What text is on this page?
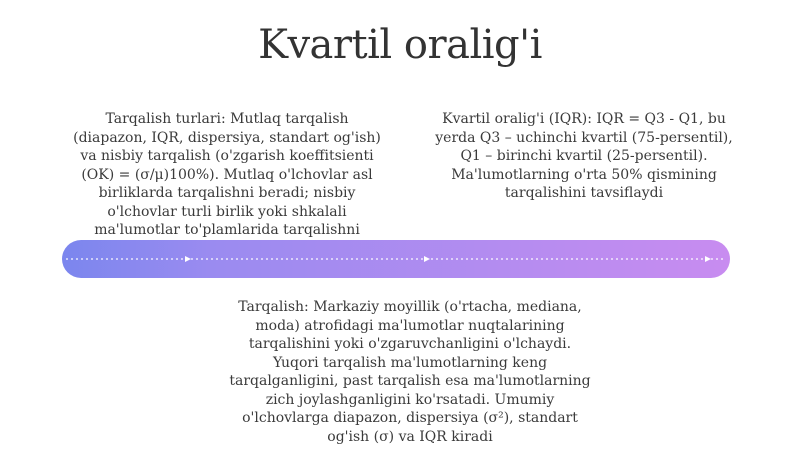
Kvartil oralig'i
Tarqalish turlari: Mutlaq tarqalish (diapazon, IQR, dispersiya, standart og'ish) va nisbiy tarqalish (o'zgarish koeffitsienti (OK) = (σ/μ)100%). Mutlaq o'lchovlar asl birliklarda tarqalishni beradi; nisbiy o'lchovlar turli birlik yoki shkalali ma'lumotlar to'plamlarida tarqalishni
Kvartil oralig'i (IQR): IQR = Q3 - Q1, bu yerda Q3 – uchinchi kvartil (75-persentil), Q1 – birinchi kvartil (25-persentil). Ma'lumotlarning o'rta 50% qismining tarqalishini tavsiflaydi
Tarqalish: Markaziy moyillik (o'rtacha, mediana, moda) atrofidagi ma'lumotlar nuqtalarining tarqalishini yoki o'zgaruvchanligini o'lchaydi. Yuqori tarqalish ma'lumotlarning keng tarqalganligini, past tarqalish esa ma'lumotlarning zich joylashganligini ko'rsatadi. Umumiy o'lchovlarga diapazon, dispersiya (σ²), standart og'ish (σ) va IQR kiradi
